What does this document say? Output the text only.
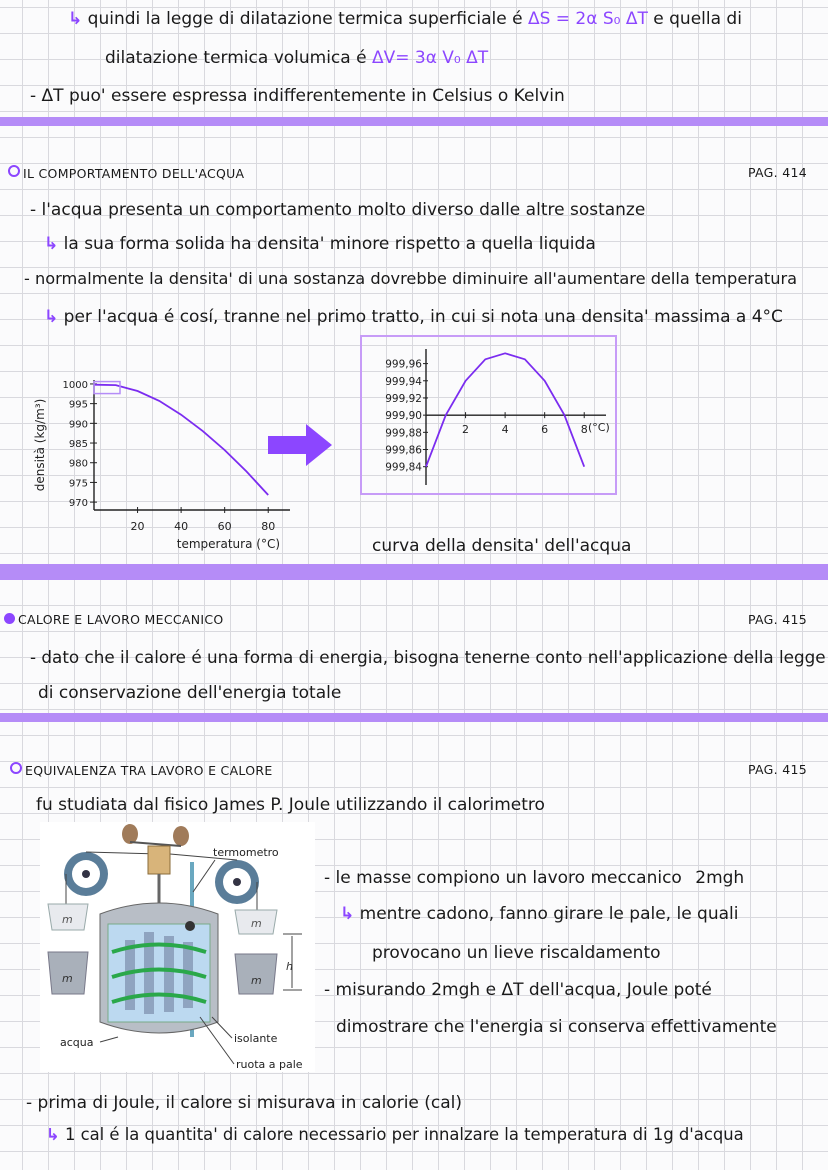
↳ quindi la legge di dilatazione termica superficiale é ΔS = 2α S₀ ΔT e quella di
dilatazione termica volumica é ΔV= 3α V₀ ΔT
- ΔT puo' essere espressa indifferentemente in Celsius o Kelvin
IL COMPORTAMENTO DELL'ACQUA	PAG. 414
- l'acqua presenta un comportamento molto diverso dalle altre sostanze
↳ la sua forma solida ha densita' minore rispetto a quella liquida
- normalmente la densita' di una sostanza dovrebbe diminuire all'aumentare della temperatura
↳ per l'acqua é cosí, tranne nel primo tratto, in cui si nota una densita' massima a 4°C
1000
995
990
985
980
975
970
20	40	60	80
temperatura (°C)
densità (kg/m³)
999,96
999,94
999,92
999,90
999,88
999,86
999,84
2	4	6	8 (°C)
curva della densita' dell'acqua
CALORE E LAVORO MECCANICO	PAG. 415
- dato che il calore é una forma di energia, bisogna tenerne conto nell'applicazione della legge
di conservazione dell'energia totale
EQUIVALENZA TRA LAVORO E CALORE	PAG. 415
fu studiata dal fisico James P. Joule utilizzando il calorimetro
m
m
m
m
h
termometro
acqua	isolante
ruota a pale
- le masse compiono un lavoro meccanico 2mgh
↳ mentre cadono, fanno girare le pale, le quali
provocano un lieve riscaldamento
- misurando 2mgh e ΔT dell'acqua, Joule poté
dimostrare che l'energia si conserva effettivamente
- prima di Joule, il calore si misurava in calorie (cal)
↳ 1 cal é la quantita' di calore necessario per innalzare la temperatura di 1g d'acqua
